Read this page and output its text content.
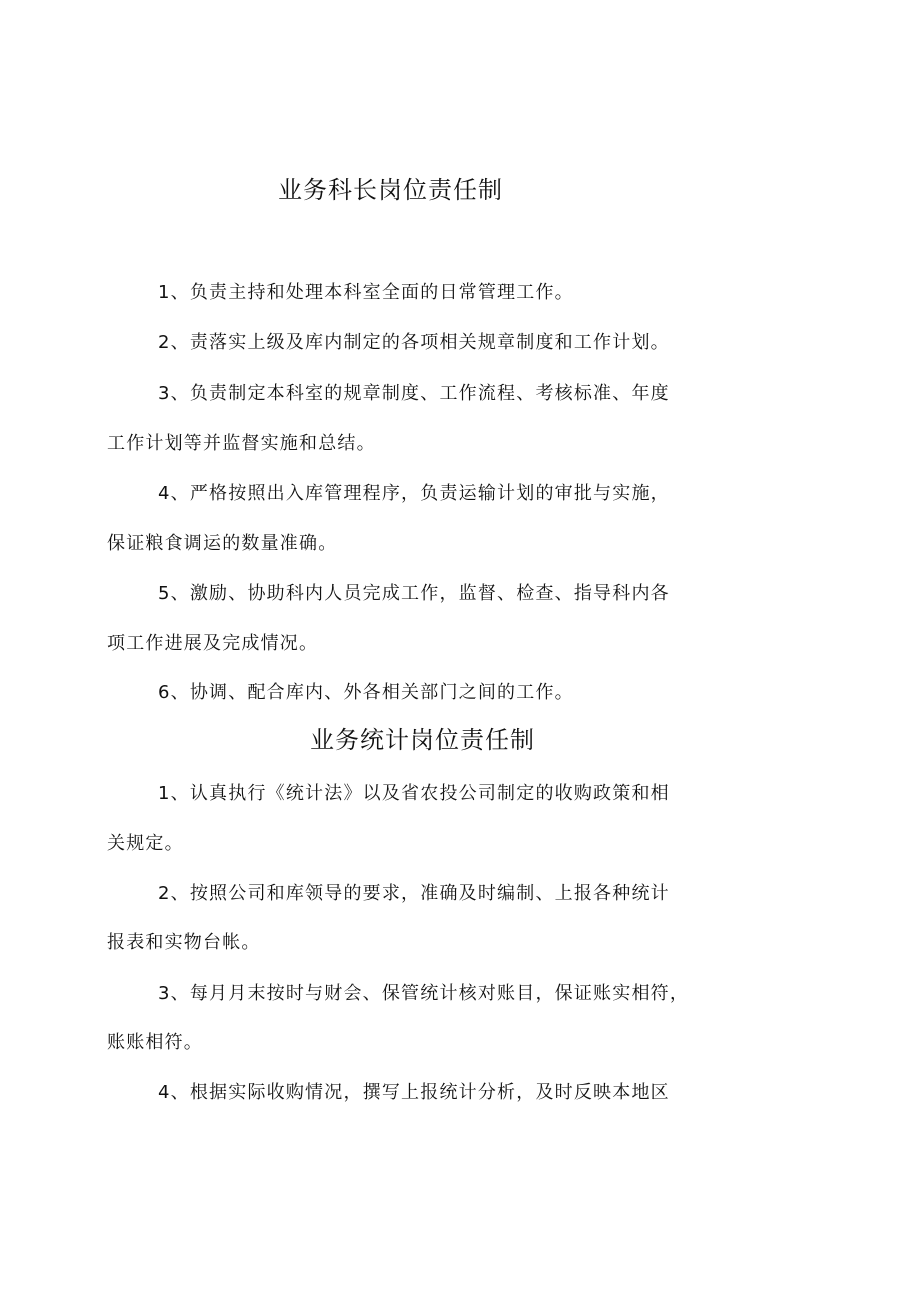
业务科长岗位责任制
1、负责主持和处理本科室全面的日常管理工作。
2、责落实上级及库内制定的各项相关规章制度和工作计划。
3、负责制定本科室的规章制度、工作流程、考核标准、年度
工作计划等并监督实施和总结。
4、严格按照出入库管理程序，负责运输计划的审批与实施，
保证粮食调运的数量准确。
5、激励、协助科内人员完成工作，监督、检查、指导科内各
项工作进展及完成情况。
6、协调、配合库内、外各相关部门之间的工作。
业务统计岗位责任制
1、认真执行《统计法》以及省农投公司制定的收购政策和相
关规定。
2、按照公司和库领导的要求，准确及时编制、上报各种统计
报表和实物台帐。
3、每月月末按时与财会、保管统计核对账目，保证账实相符，
账账相符。
4、根据实际收购情况，撰写上报统计分析，及时反映本地区
